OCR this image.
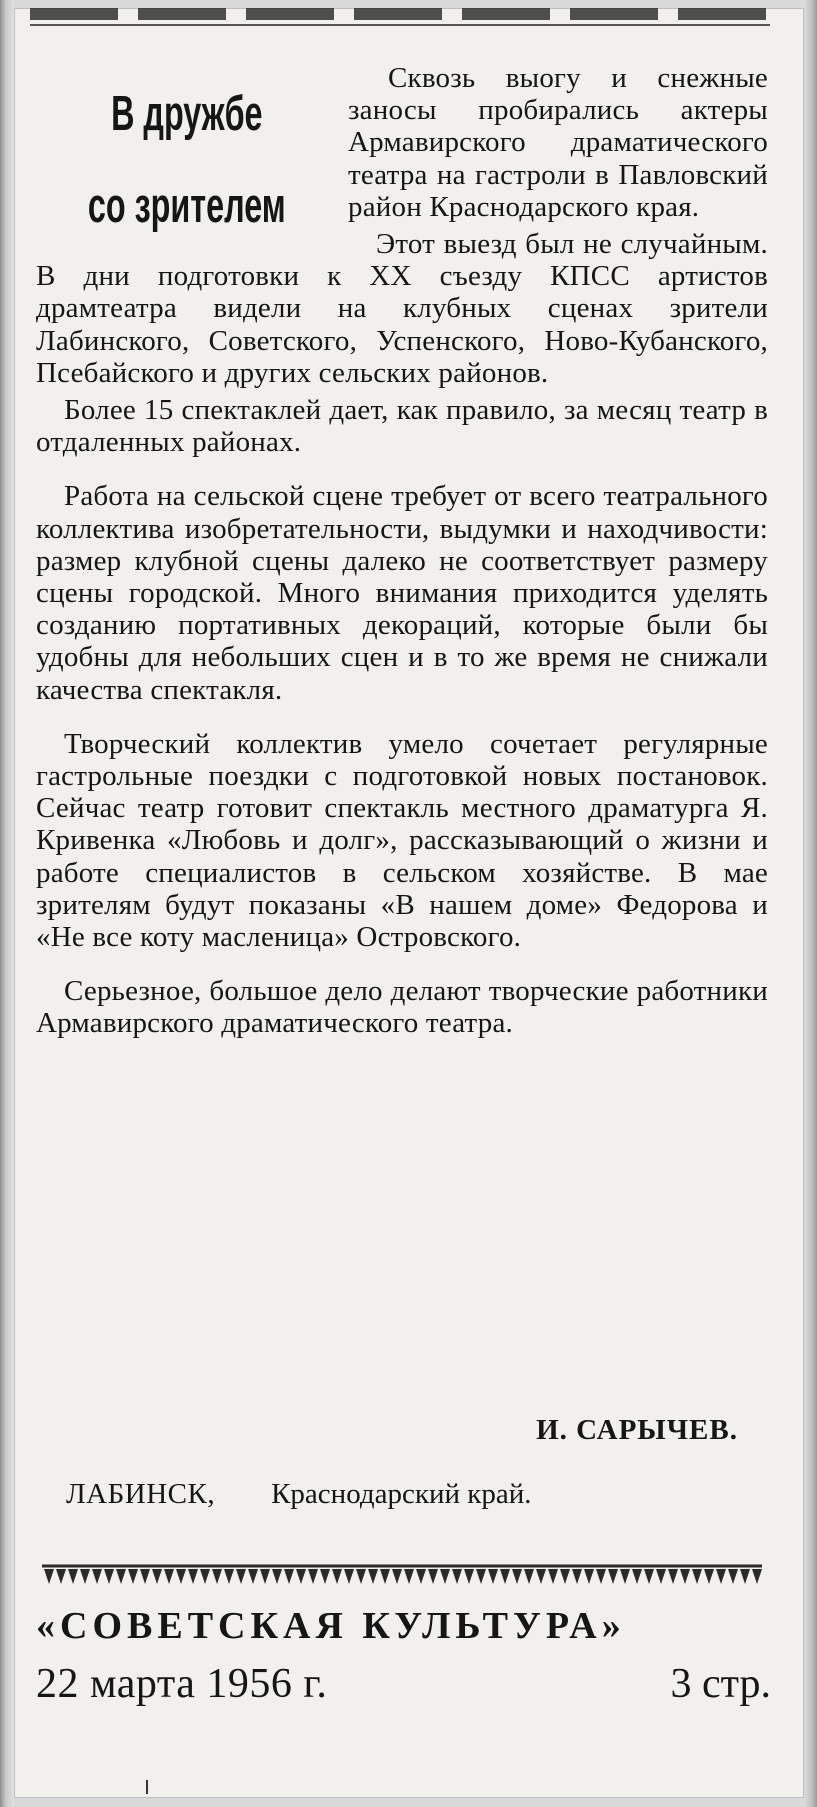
В дружбе
со зрителем

Сквозь выогу и снежные заносы пробирались актеры Армавирского драматического театра на гастроли в Павловский район Краснодарского края.

Этот выезд был не случайным. В дни подготовки к XX съезду КПСС артистов драмтеатра видели на клубных сценах зрители Лабинского, Советского, Успенского, Ново-Кубанского, Псебайского и других сельских районов.

Более 15 спектаклей дает, как правило, за месяц театр в отдаленных районах.

Работа на сельской сцене требует от всего театрального коллектива изобретательности, выдумки и находчивости: размер клубной сцены далеко не соответствует размеру сцены городской. Много внимания приходится уделять созданию портативных декораций, которые были бы удобны для небольших сцен и в то же время не снижали качества спектакля.

Творческий коллектив умело сочетает регулярные гастрольные поездки с подготовкой новых постановок. Сейчас театр готовит спектакль местного драматурга Я. Кривенка «Любовь и долг», рассказывающий о жизни и работе специалистов в сельском хозяйстве. В мае зрителям будут показаны «В нашем доме» Федорова и «Не все коту масленица» Островского.

Серьезное, большое дело делают творческие работники Армавирского драматического театра.

И. САРЫЧЕВ.
ЛАБИНСК, Краснодарский край.
«СОВЕТСКАЯ КУЛЬТУРА»
22 марта 1956 г.	3 стр.
